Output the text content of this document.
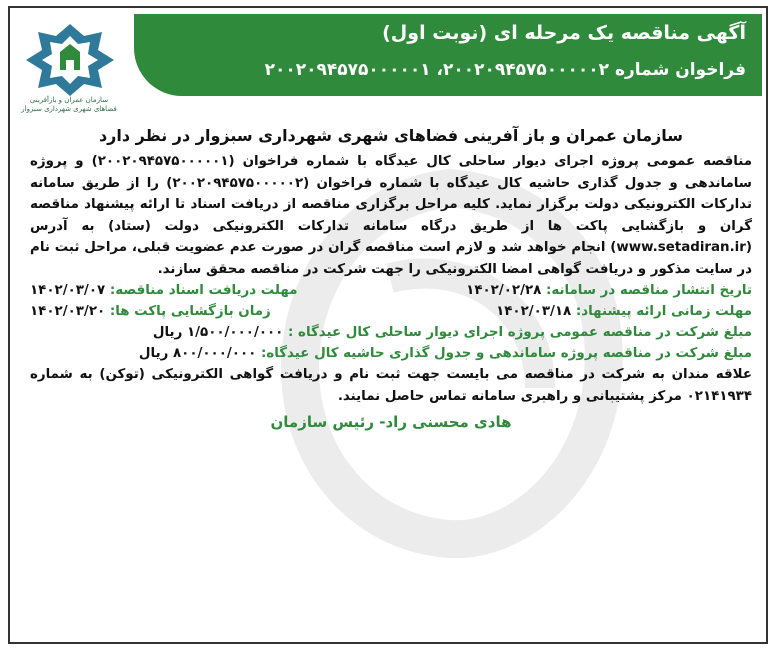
سازمان عمران و بازآفرینی فضاهای شهری شهرداری سبزوار
آگهی مناقصه یک مرحله ای (نوبت اول)
فراخوان شماره ۲۰۰۲۰۹۴۵۷۵۰۰۰۰۰۲، ۲۰۰۲۰۹۴۵۷۵۰۰۰۰۰۱
سازمان عمران و باز آفرینی فضاهای شهری شهرداری سبزوار در نظر دارد

مناقصه عمومی پروژه اجرای دیوار ساحلی کال عیدگاه با شماره فراخوان (۲۰۰۲۰۹۴۵۷۵۰۰۰۰۰۱) و پروژه ساماندهی و جدول گذاری حاشیه کال عیدگاه با شماره فراخوان (۲۰۰۲۰۹۴۵۷۵۰۰۰۰۰۲) را از طریق سامانه تدارکات الکترونیکی دولت برگزار نماید. کلیه مراحل برگزاری مناقصه از دریافت اسناد تا ارائه پیشنهاد مناقصه گران و بازگشایی پاکت ها از طریق درگاه سامانه تدارکات الکترونیکی دولت (ستاد) به آدرس (www.setadiran.ir) انجام خواهد شد و لازم است مناقصه گران در صورت عدم عضویت قبلی، مراحل ثبت نام در سایت مذکور و دریافت گواهی امضا الکترونیکی را جهت شرکت در مناقصه محقق سازند.

تاریخ انتشار مناقصه در سامانه: ۱۴۰۲/۰۲/۲۸
مهلت دریافت اسناد مناقصه: ۱۴۰۲/۰۳/۰۷
مهلت زمانی ارائه پیشنهاد: ۱۴۰۲/۰۳/۱۸
زمان بازگشایی پاکت ها: ۱۴۰۲/۰۳/۲۰
مبلغ شرکت در مناقصه عمومی پروژه اجرای دیوار ساحلی کال عیدگاه : ۱/۵۰۰/۰۰۰/۰۰۰ ریال
مبلغ شرکت در مناقصه پروژه ساماندهی و جدول گذاری حاشیه کال عیدگاه: ۸۰۰/۰۰۰/۰۰۰ ریال

علاقه مندان به شرکت در مناقصه می بایست جهت ثبت نام و دریافت گواهی الکترونیکی (توکن) به شماره ۰۲۱۴۱۹۳۴ مرکز پشتیبانی و راهبری سامانه تماس حاصل نمایند.

هادی محسنی راد- رئیس سازمان
